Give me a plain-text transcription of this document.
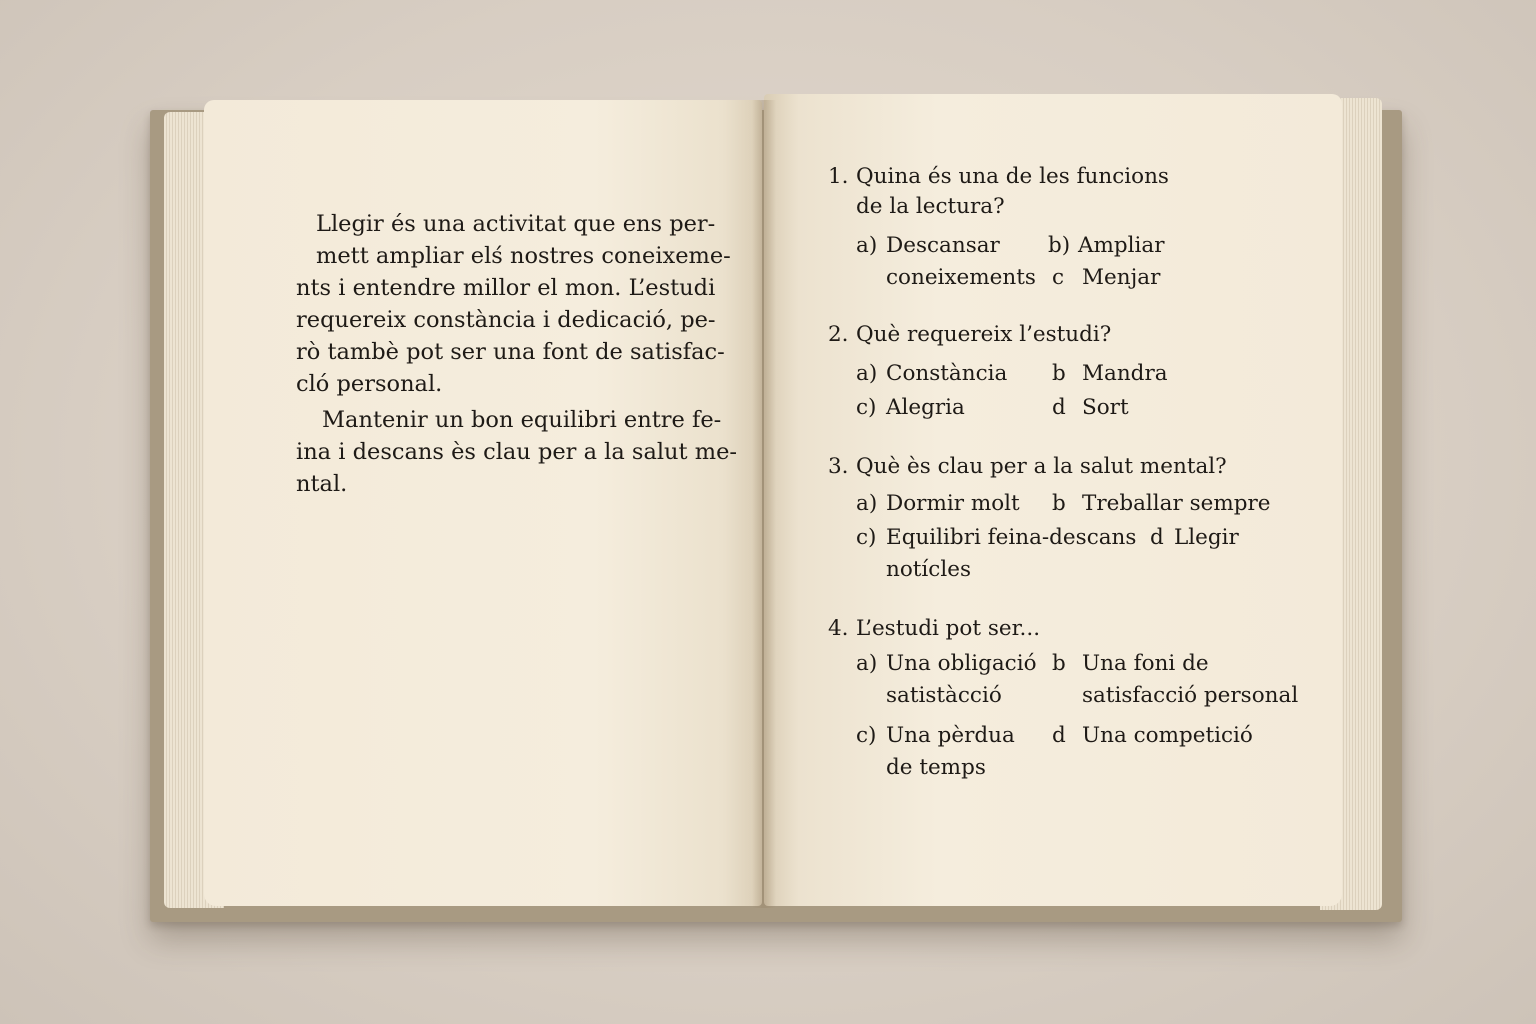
Llegir és una activitat que ens per-
mett ampliar elś nostres coneixeme-
nts i entendre millor el mon. L’estudi
requereix constància i dedicació, pe-
rò tambè pot ser una font de satisfac-
cló personal.

Mantenir un bon equilibri entre fe-
ina i descans ès clau per a la salut me-
ntal.

1. Quina és una de les funcions
de la lectura?
a) Descansar
coneixements
b) Ampliar
c Menjar
2. Què requereix l’estudi?
a) Constància b Mandra
c) Alegria	d Sort
3. Què ès clau per a la salut mental?
a) Dormir molt b Treballar sempre
c) Equilibri feina-descans
notícles
d Llegir
4. L’estudi pot ser...
a) Una obligació
satistàcció
b Una foni de
satisfacció personal
c) Una pèrdua
de temps
d Una competició
